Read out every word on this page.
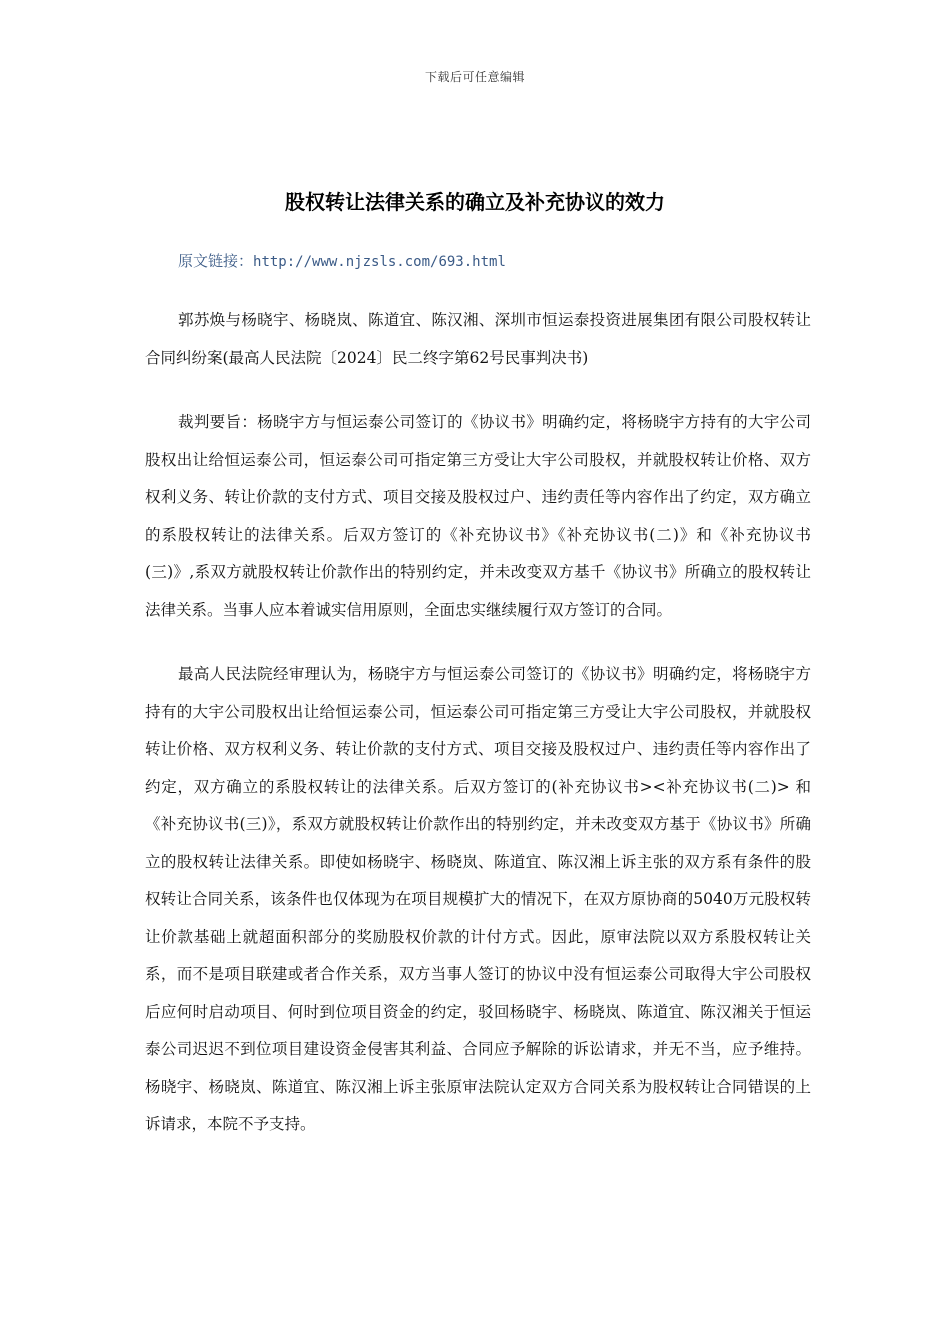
下载后可任意编辑
股权转让法律关系的确立及补充协议的效力
原文链接：http://www.njzsls.com/693.html

郭苏焕与杨晓宇、杨晓岚、陈道宜、陈汉湘、深圳市恒运泰投资进展集团有限公司股权转让合同纠纷案(最高人民法院〔2024〕民二终字第62号民事判决书)

裁判要旨：杨晓宇方与恒运泰公司签订的《协议书》明确约定，将杨晓宇方持有的大宇公司股权出让给恒运泰公司，恒运泰公司可指定第三方受让大宇公司股权，并就股权转让价格、双方权利义务、转让价款的支付方式、项目交接及股权过户、违约责任等内容作出了约定，双方确立的系股权转让的法律关系。后双方签订的《补充协议书》《补充协议书(二)》和《补充协议书(三)》,系双方就股权转让价款作出的特别约定，并未改变双方基千《协议书》所确立的股权转让法律关系。当事人应本着诚实信用原则，全面忠实继续履行双方签订的合同。

最高人民法院经审理认为，杨晓宇方与恒运泰公司签订的《协议书》明确约定，将杨晓宇方持有的大宇公司股权出让给恒运泰公司，恒运泰公司可指定第三方受让大宇公司股权，并就股权转让价格、双方权利义务、转让价款的支付方式、项目交接及股权过户、违约责任等内容作出了约定，双方确立的系股权转让的法律关系。后双方签订的(补充协议书><补充协议书(二)> 和《补充协议书(三)》，系双方就股权转让价款作出的特别约定，并未改变双方基于《协议书》所确立的股权转让法律关系。即使如杨晓宇、杨晓岚、陈道宜、陈汉湘上诉主张的双方系有条件的股权转让合同关系，该条件也仅体现为在项目规模扩大的情况下，在双方原协商的5040万元股权转让价款基础上就超面积部分的奖励股权价款的计付方式。因此，原审法院以双方系股权转让关系，而不是项目联建或者合作关系，双方当事人签订的协议中没有恒运泰公司取得大宇公司股权后应何时启动项目、何时到位项目资金的约定，驳回杨晓宇、杨晓岚、陈道宜、陈汉湘关于恒运泰公司迟迟不到位项目建设资金侵害其利益、合同应予解除的诉讼请求，并无不当，应予维持。杨晓宇、杨晓岚、陈道宜、陈汉湘上诉主张原审法院认定双方合同关系为股权转让合同错误的上诉请求，本院不予支持。
